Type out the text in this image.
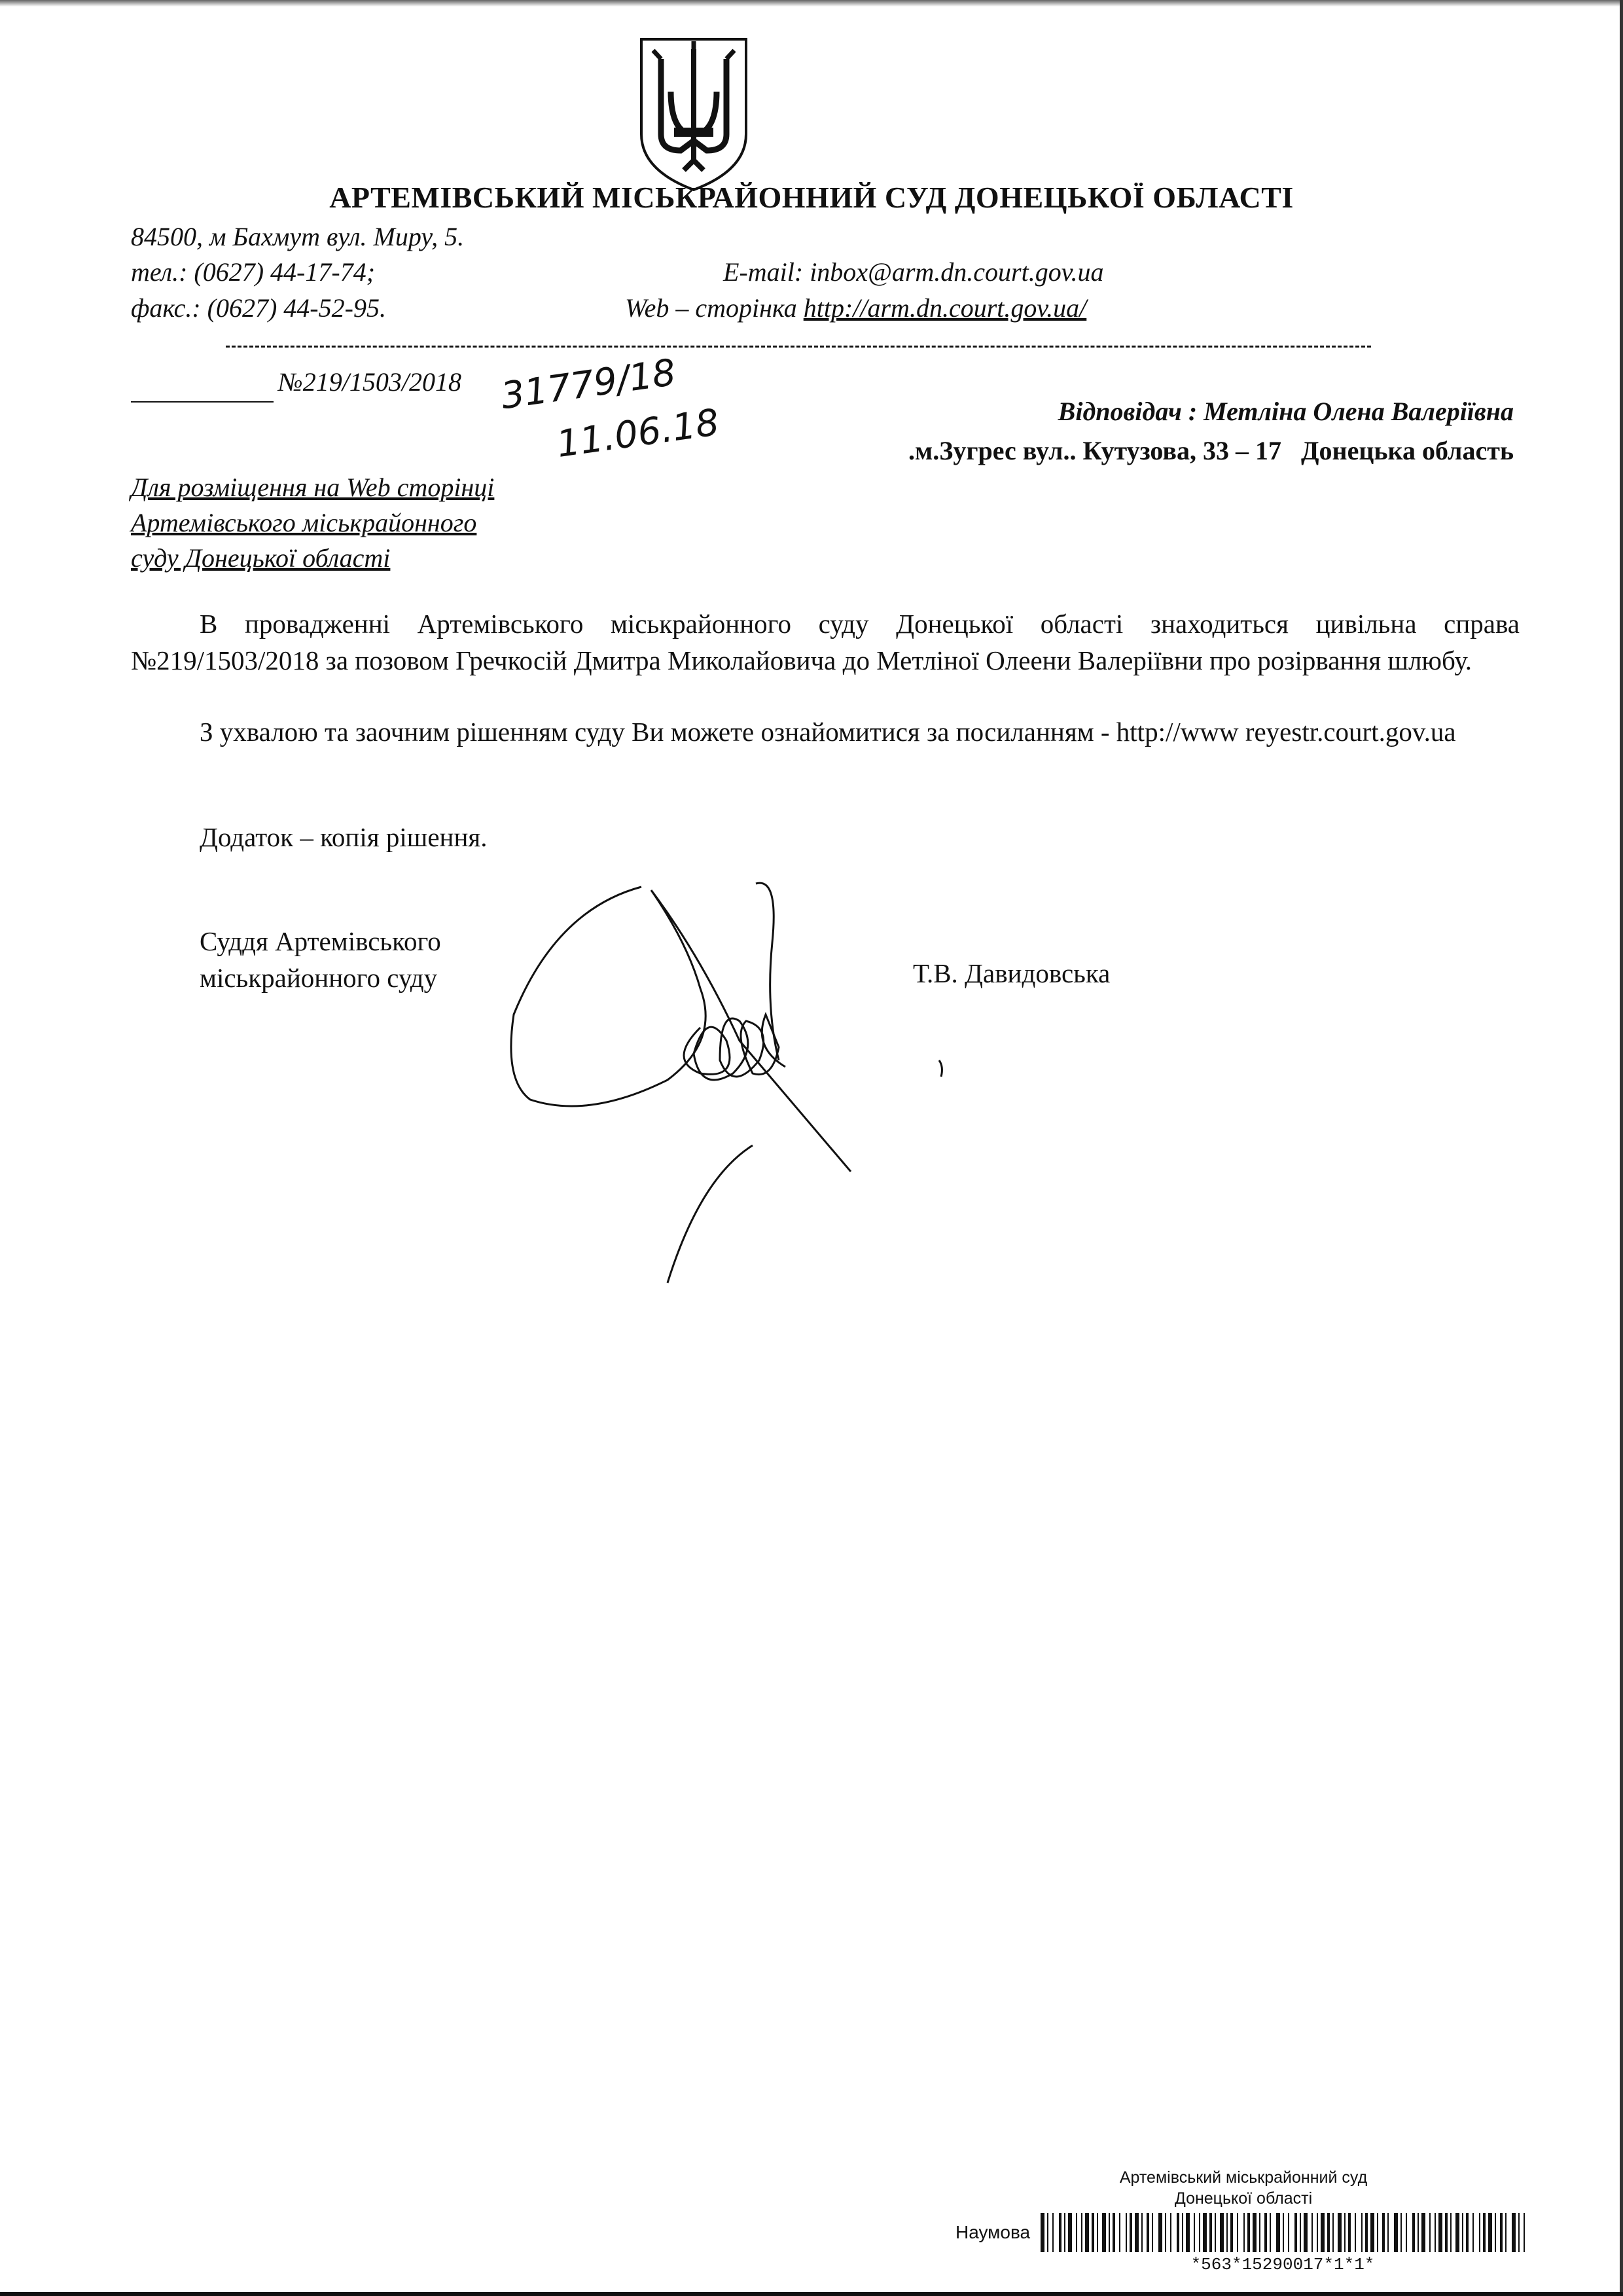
АРТЕМІВСЬКИЙ МІСЬКРАЙОННИЙ СУД ДОНЕЦЬКОЇ ОБЛАСТІ
84500, м Бахмут вул. Миру, 5.
тел.: (0627) 44-17-74;
факс.: (0627) 44-52-95.
E-mail: inbox@arm.dn.court.gov.ua
Web – сторінка http://arm.dn.court.gov.ua/
№219/1503/2018 31779/18
11.06.18	Відповідач : Метліна Олена Валеріївна
.м.Зугрес вул.. Кутузова, 33 – 17   Донецька область
Для розміщення на Web сторінці
Артемівського міськрайонного
суду Донецької області
В провадженні Артемівського міськрайонного суду Донецької області знаходиться цивільна справа №219/1503/2018 за позовом Гречкосій Дмитра Миколайовича до Метліної Олеени Валеріївни про розірвання шлюбу.
З ухвалою та заочним рішенням суду Ви можете ознайомитися за посиланням - http://www reyestr.court.gov.ua
Додаток – копія рішення.
Суддя Артемівського
міськрайонного суду	Т.В. Давидовська
Артемівський міськрайонний суд
Донецької області
Наумова
*563*15290017*1*1*
